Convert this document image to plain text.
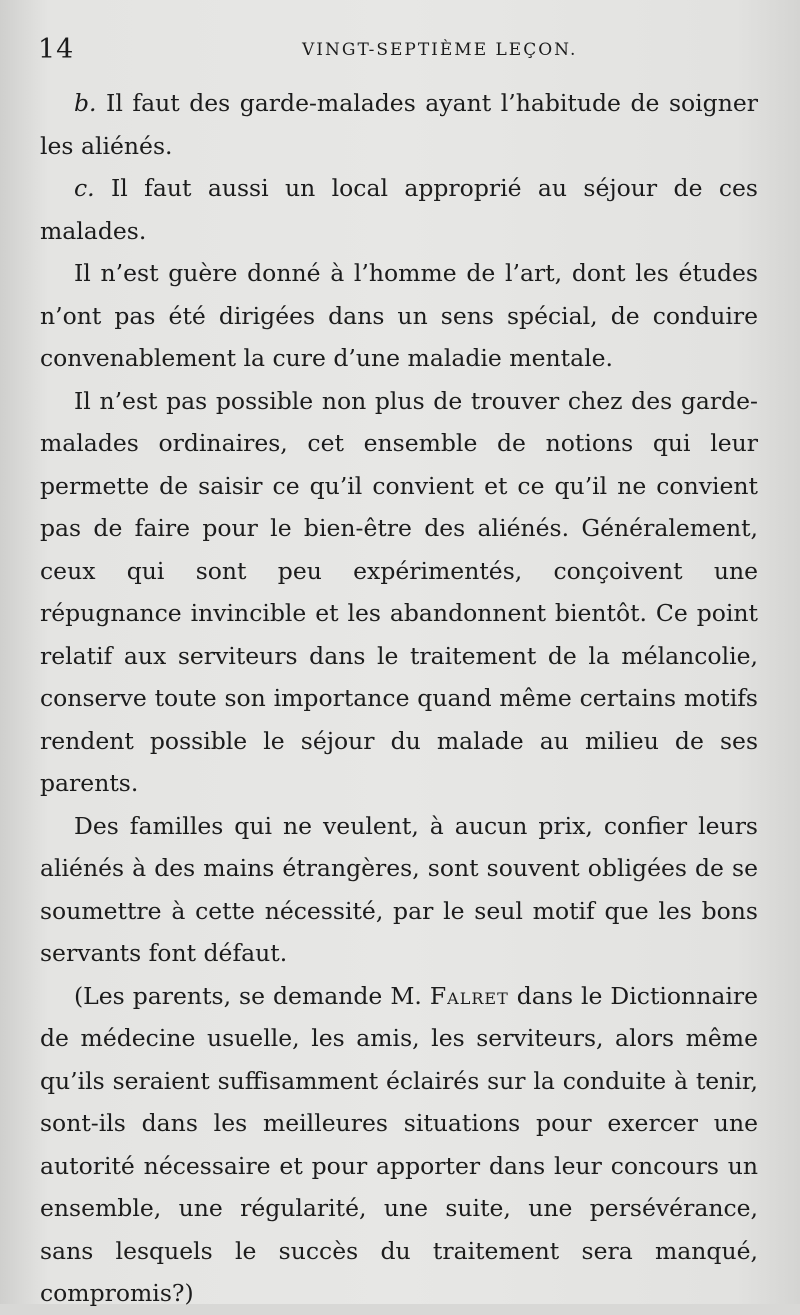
14	VINGT-SEPTIÈME LEÇON.

b. Il faut des garde-malades ayant l’habitude de soigner les aliénés.

c. Il faut aussi un local approprié au séjour de ces malades.

Il n’est guère donné à l’homme de l’art, dont les études n’ont pas été dirigées dans un sens spécial, de conduire convenablement la cure d’une maladie mentale.

Il n’est pas possible non plus de trouver chez des garde-malades ordinaires, cet ensemble de notions qui leur permette de saisir ce qu’il convient et ce qu’il ne convient pas de faire pour le bien-être des aliénés. Généralement, ceux qui sont peu expérimentés, conçoivent une répugnance invincible et les abandonnent bientôt. Ce point relatif aux serviteurs dans le traitement de la mélancolie, conserve toute son importance quand même certains motifs rendent possible le séjour du malade au milieu de ses parents.

Des familles qui ne veulent, à aucun prix, confier leurs aliénés à des mains étrangères, sont souvent obligées de se soumettre à cette nécessité, par le seul motif que les bons servants font défaut.

(Les parents, se demande M. Falret dans le Dictionnaire de médecine usuelle, les amis, les serviteurs, alors même qu’ils seraient suffisamment éclairés sur la conduite à tenir, sont-ils dans les meilleures situations pour exercer une autorité nécessaire et pour apporter dans leur concours un ensemble, une régularité, une suite, une persévérance, sans lesquels le succès du traitement sera manqué, compromis?)
